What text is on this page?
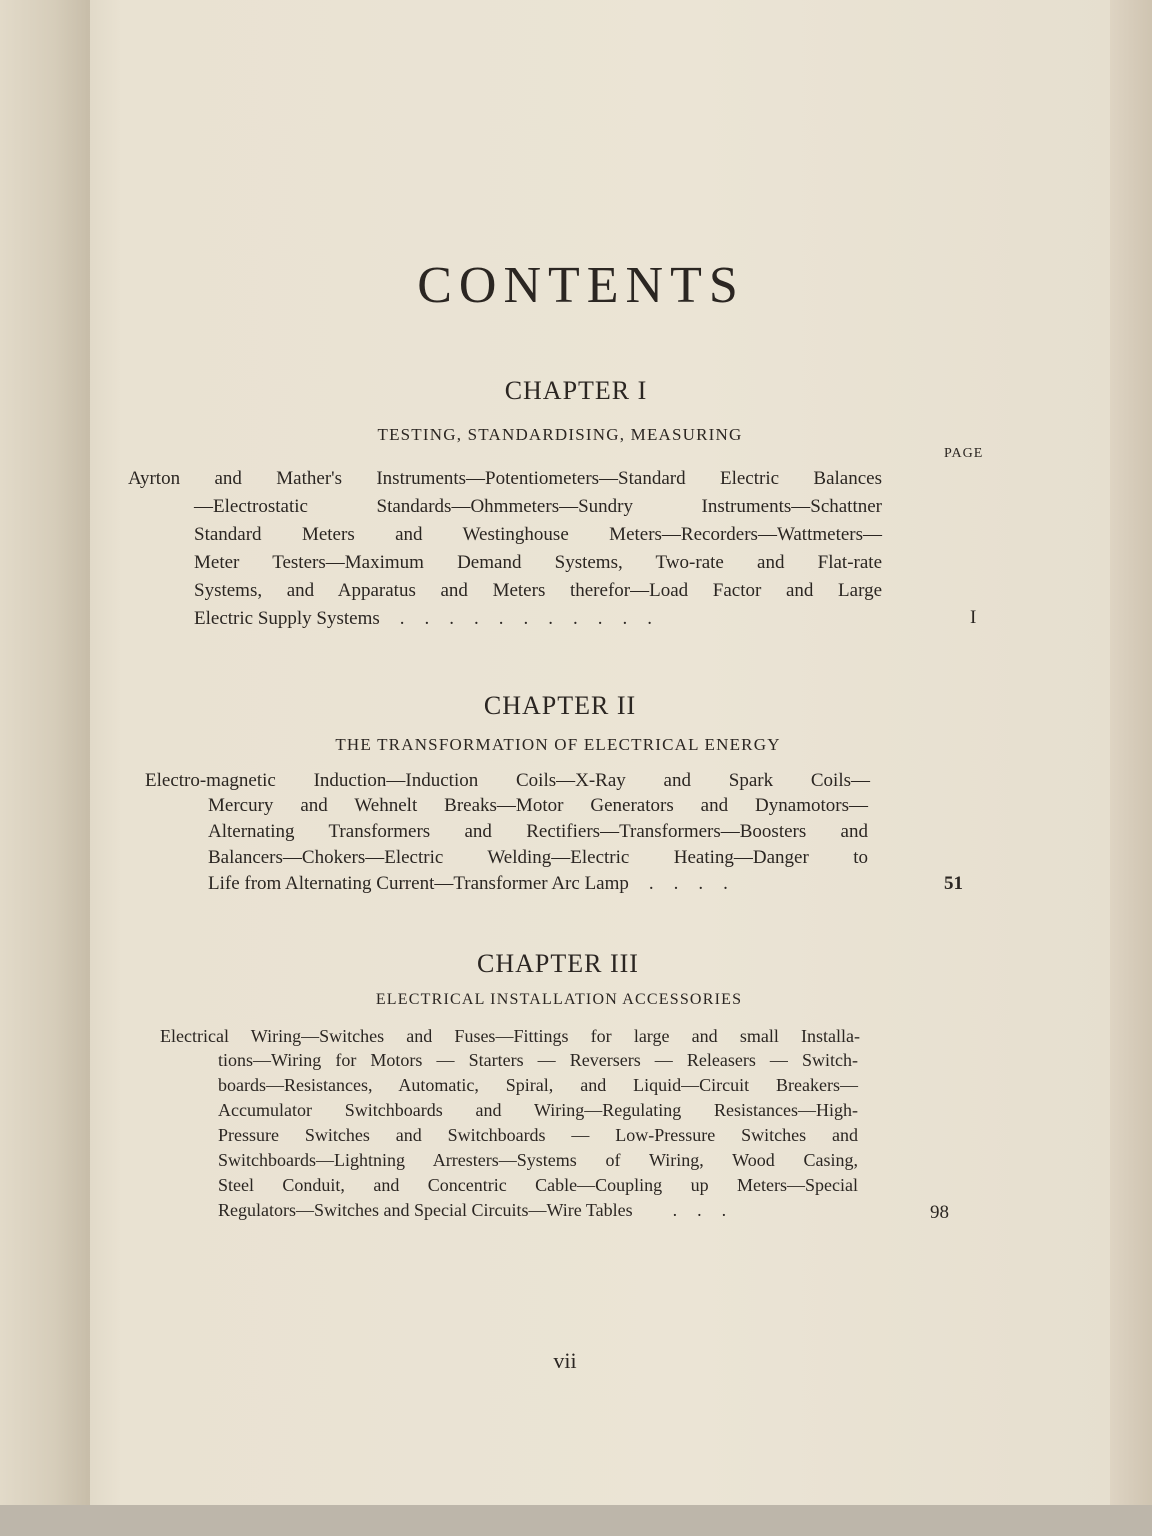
CONTENTS
CHAPTER I
TESTING, STANDARDISING, MEASURING
PAGE
Ayrton and Mather's Instruments—Potentiometers—Standard Electric Balances
—Electrostatic Standards—Ohmmeters—Sundry Instruments—Schattner
Standard Meters and Westinghouse Meters—Recorders—Wattmeters—
Meter Testers—Maximum Demand Systems, Two-rate and Flat-rate
Systems, and Apparatus and Meters therefor—Load Factor and Large
Electric Supply Systems ...........	I
CHAPTER II
THE TRANSFORMATION OF ELECTRICAL ENERGY
Electro-magnetic Induction—Induction Coils—X-Ray and Spark Coils—
Mercury and Wehnelt Breaks—Motor Generators and Dynamotors—
Alternating Transformers and Rectifiers—Transformers—Boosters and
Balancers—Chokers—Electric Welding—Electric Heating—Danger to
Life from Alternating Current—Transformer Arc Lamp ....	51
CHAPTER III
ELECTRICAL INSTALLATION ACCESSORIES
Electrical Wiring—Switches and Fuses—Fittings for large and small Installa-
tions—Wiring for Motors — Starters — Reversers — Releasers — Switch-
boards—Resistances, Automatic, Spiral, and Liquid—Circuit Breakers—
Accumulator Switchboards and Wiring—Regulating Resistances—High-
Pressure Switches and Switchboards — Low-Pressure Switches and
Switchboards—Lightning Arresters—Systems of Wiring, Wood Casing,
Steel Conduit, and Concentric Cable—Coupling up Meters—Special
Regulators—Switches and Special Circuits—Wire Tables ...	98
vii
